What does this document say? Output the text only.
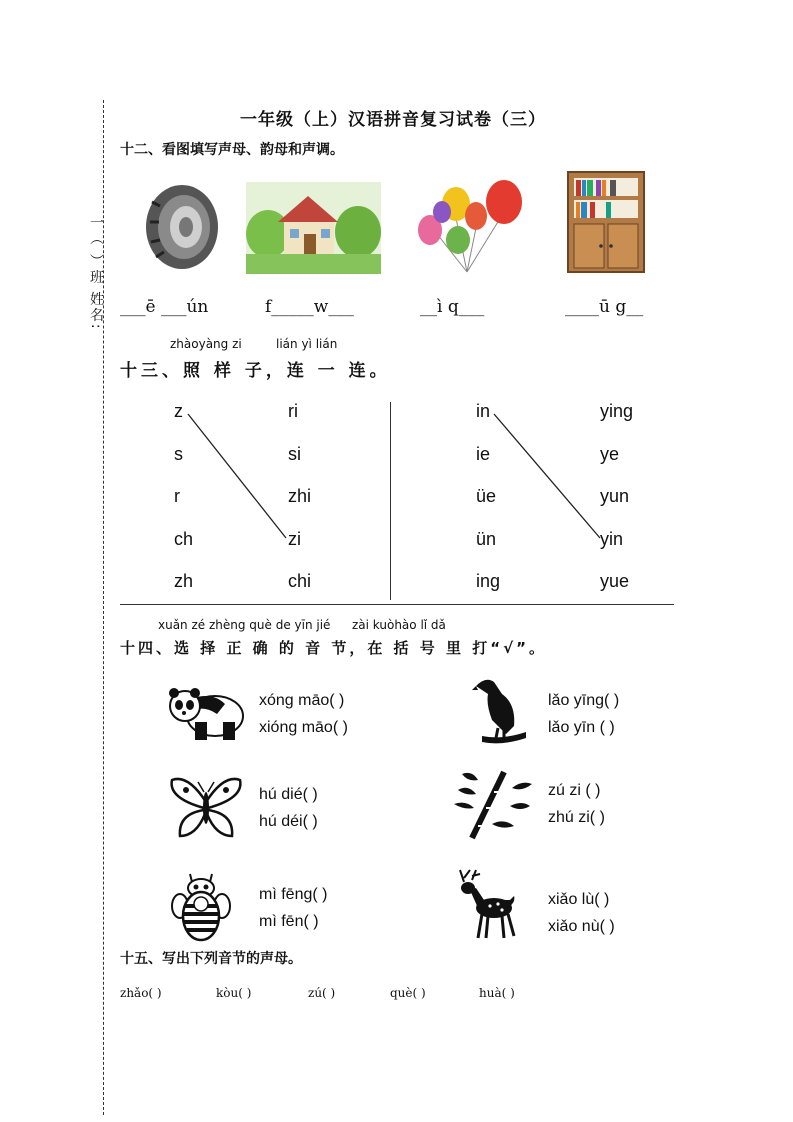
一（ ）班 姓名:
一年级（上）汉语拼音复习试卷（三）
十二、看图填写声母、韵母和声调。
___ē ___ún	f_____w___	__ì q___	____ū g__
zhàoyàng zi	lián yì lián
十三、照 样 子，连 一 连。
z
s
r
ch
zh
ri
si
zhi
zi
chi
in
ie
üe
ün
ing
ying
ye
yun
yin
yue
xuǎn zé zhèng què de yīn jié zài kuòhào lǐ dǎ
十四、选 择 正 确 的 音 节，在 括 号 里 打“√”。
xóng māo( )
xióng māo( )
lǎo yīng( )
lǎo yīn ( )
hú dié( )
hú déi( )
zú zi ( )
zhú zi( )
mì fēng( )
mì fēn( )
xiǎo lù( )
xiǎo nù( )
十五、写出下列音节的声母。
zhǎo( )	kòu( )	zú( )	què( )	huà( )
